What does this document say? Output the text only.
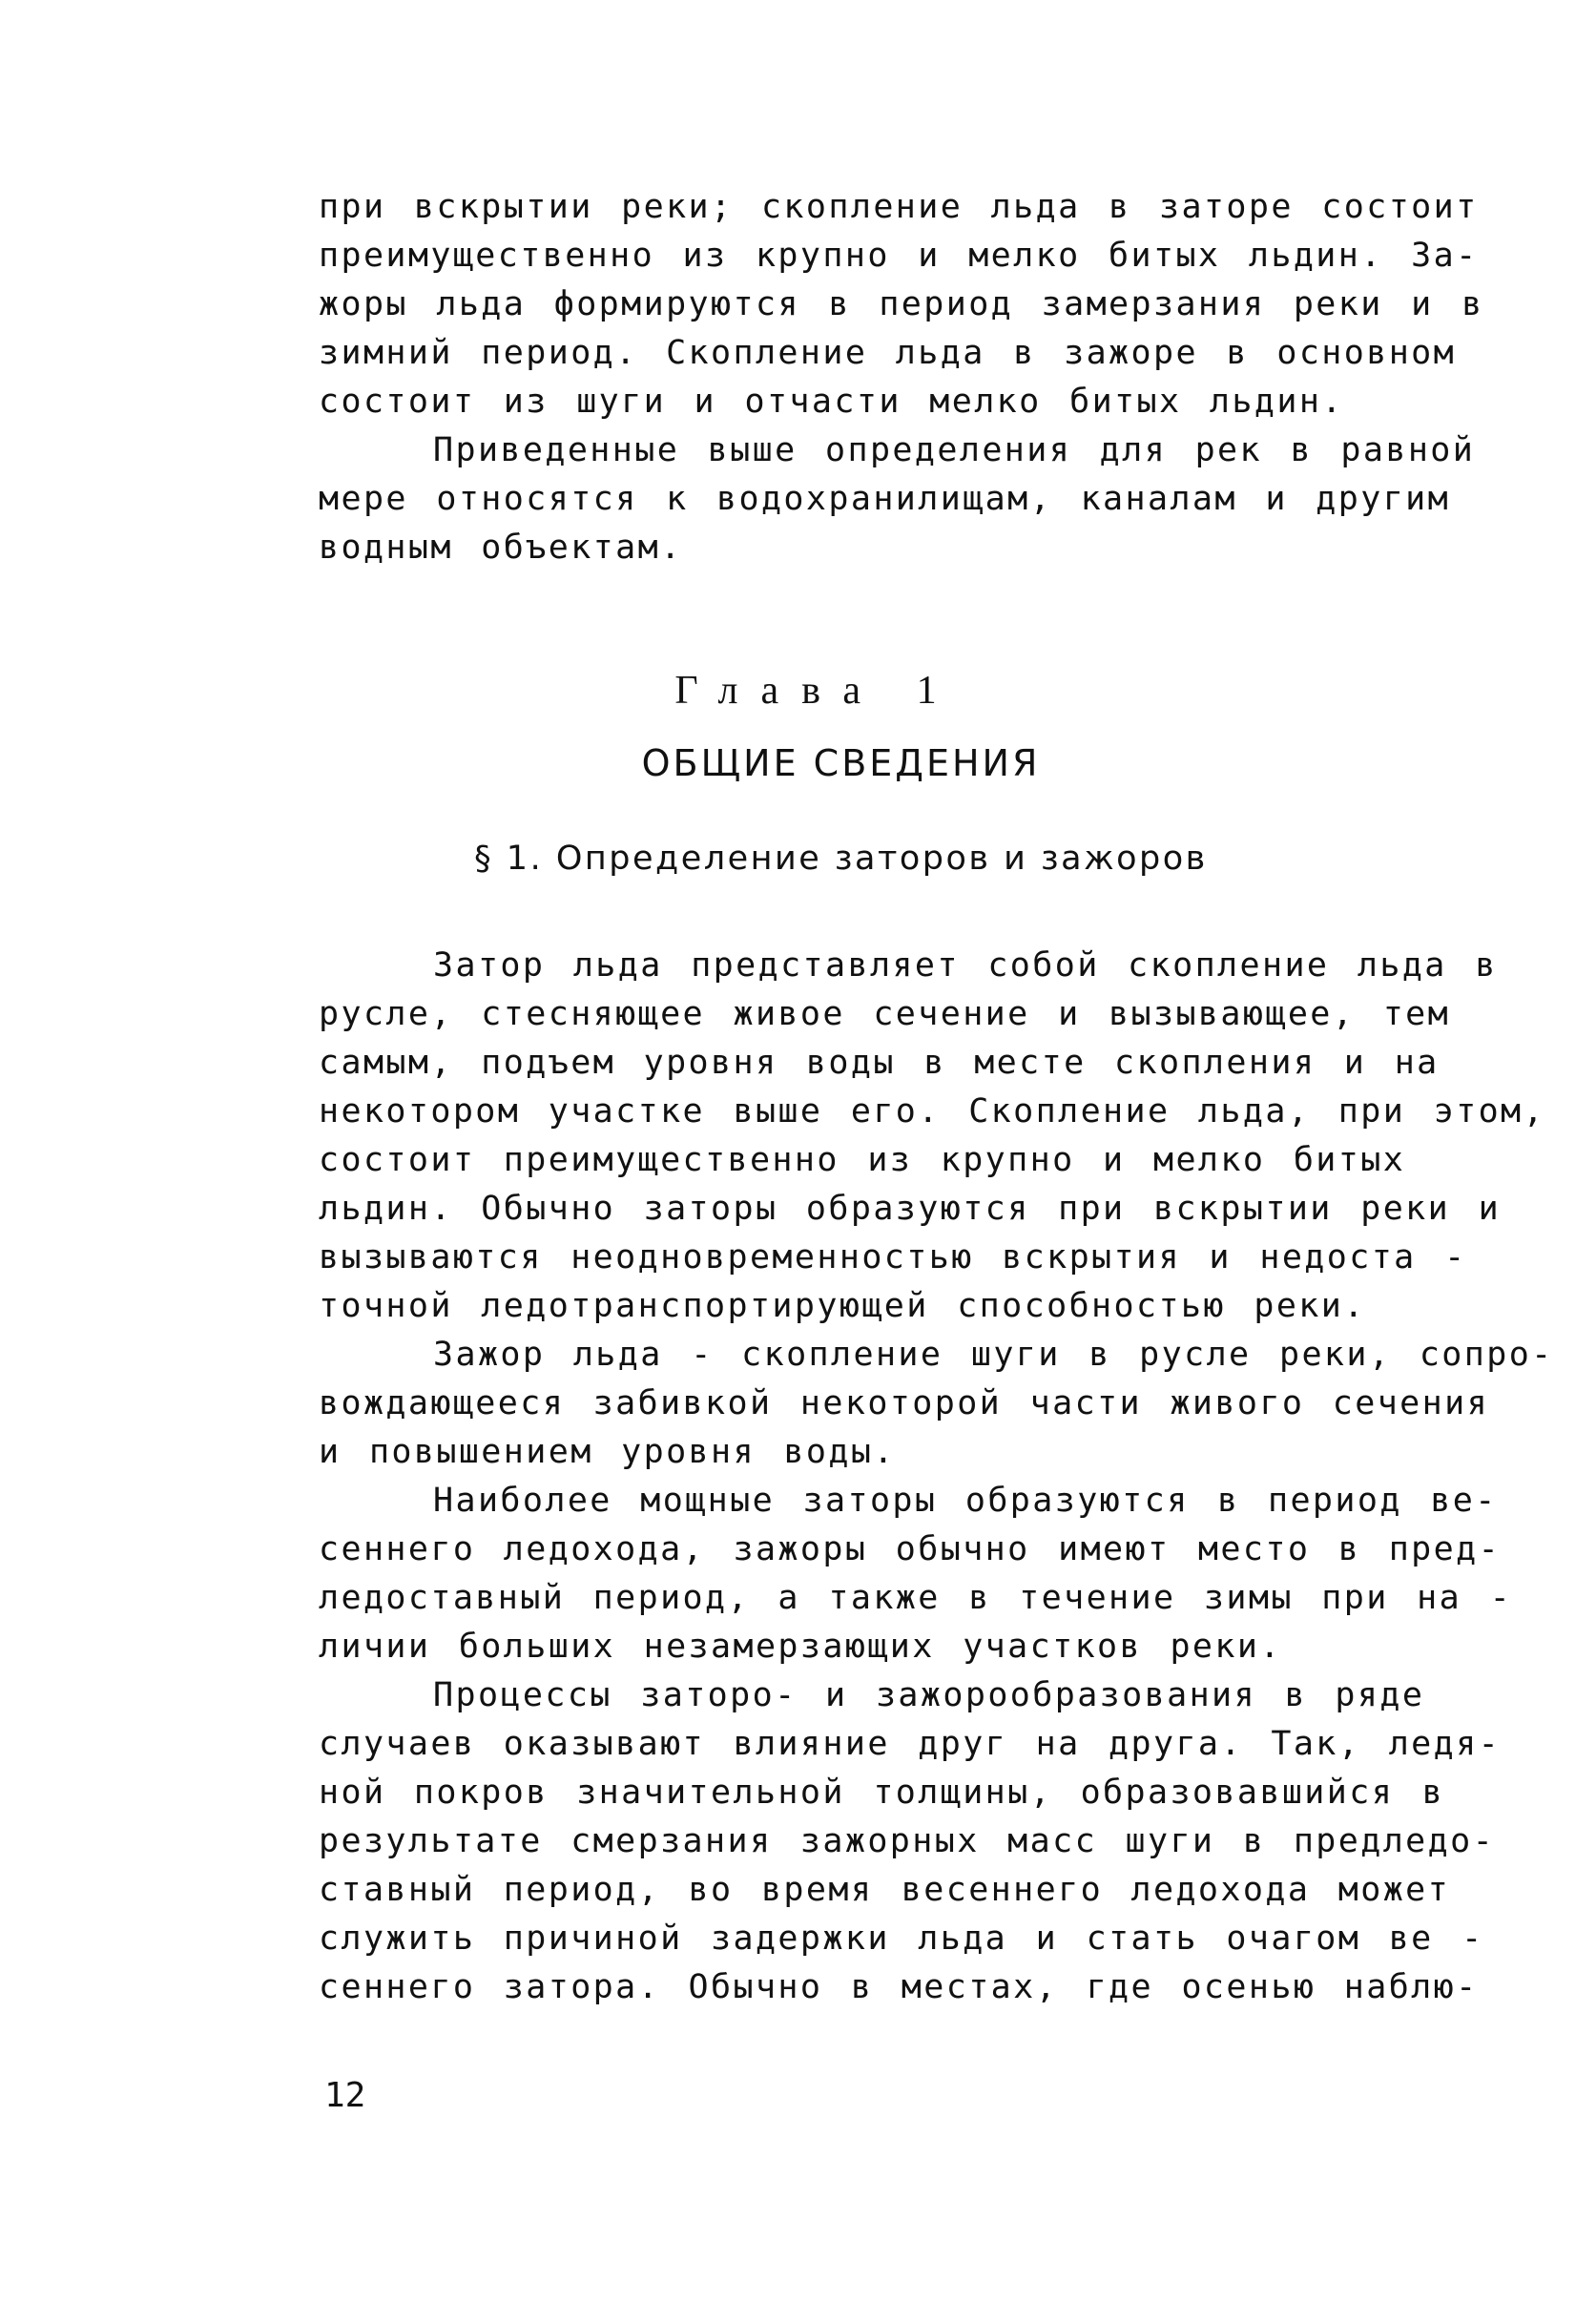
при вскрытии реки; скопление льда в заторе состоит
преимущественно из крупно и мелко битых льдин. За-
жоры льда формируются в период замерзания реки и в
зимний период. Скопление льда в зажоре в основном
состоит из шуги и отчасти мелко битых льдин.
Приведенные выше определения для рек в равной
мере относятся к водохранилищам, каналам и другим
водным объектам.
Глава 1
ОБЩИЕ СВЕДЕНИЯ
§ 1. Определение заторов и зажоров
Затор льда представляет собой скопление льда в
русле, стесняющее живое сечение и вызывающее, тем
самым, подъем уровня воды в месте скопления и на
некотором участке выше его. Скопление льда, при этом,
состоит преимущественно из крупно и мелко битых
льдин. Обычно заторы образуются при вскрытии реки и
вызываются неодновременностью вскрытия и недоста -
точной ледотранспортирующей способностью реки.
Зажор льда - скопление шуги в русле реки, сопро-
вождающееся забивкой некоторой части живого сечения
и повышением уровня воды.
Наиболее мощные заторы образуются в период ве-
сеннего ледохода, зажоры обычно имеют место в пред-
ледоставный период, а также в течение зимы при на -
личии больших незамерзающих участков реки.
Процессы заторо- и зажорообразования в ряде
случаев оказывают влияние друг на друга. Так, ледя-
ной покров значительной толщины, образовавшийся в
результате смерзания зажорных масс шуги в предледо-
ставный период, во время весеннего ледохода может
служить причиной задержки льда и стать очагом ве -
сеннего затора. Обычно в местах, где осенью наблю-
12
